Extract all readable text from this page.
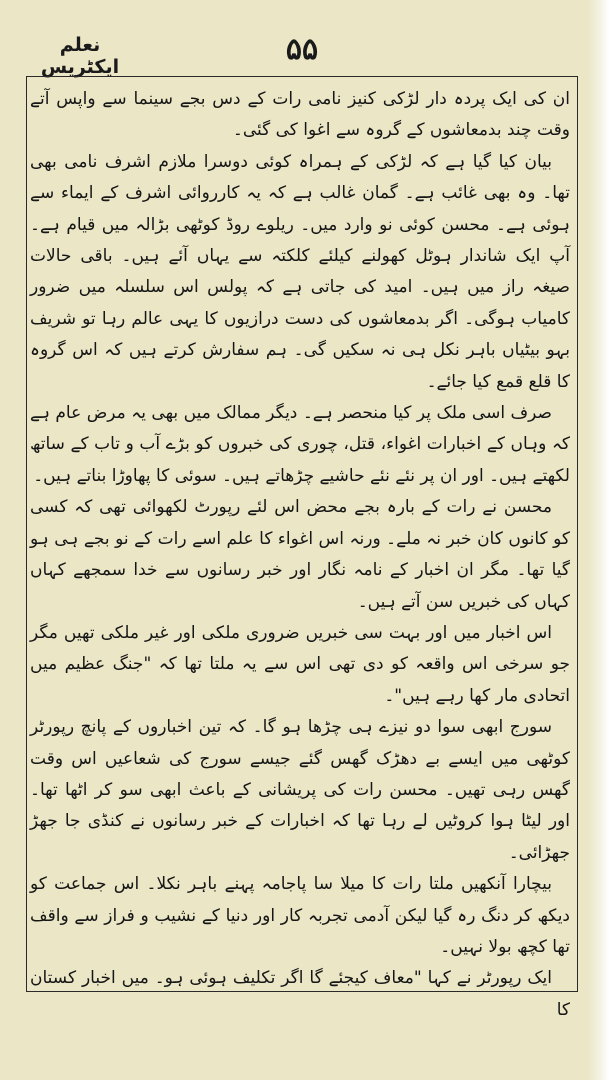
نعلم ایکٹریس	۵۵

ان کی ایک پردہ دار لڑکی کنیز نامی رات کے دس بجے سینما سے واپس آتے وقت چند بدمعاشوں کے گروہ سے اغوا کی گئی۔

بیان کیا گیا ہے کہ لڑکی کے ہمراہ کوئی دوسرا ملازم اشرف نامی بھی تھا۔ وہ بھی غائب ہے۔ گمان غالب ہے کہ یہ کارروائی اشرف کے ایماء سے ہوئی ہے۔ محسن کوئی نو وارد میں۔ ریلوے روڈ کوٹھی بڑالہ میں قیام ہے۔ آپ ایک شاندار ہوٹل کھولنے کیلئے کلکتہ سے یہاں آئے ہیں۔ باقی حالات صیغہ راز میں ہیں۔ امید کی جاتی ہے کہ پولس اس سلسلہ میں ضرور کامیاب ہوگی۔ اگر بدمعاشوں کی دست درازیوں کا یہی عالم رہا تو شریف بہو بیٹیاں باہر نکل ہی نہ سکیں گی۔ ہم سفارش کرتے ہیں کہ اس گروہ کا قلع قمع کیا جائے۔

صرف اسی ملک پر کیا منحصر ہے۔ دیگر ممالک میں بھی یہ مرض عام ہے کہ وہاں کے اخبارات اغواء، قتل، چوری کی خبروں کو بڑے آب و تاب کے ساتھ لکھتے ہیں۔ اور ان پر نئے نئے حاشیے چڑھاتے ہیں۔ سوئی کا پھاوڑا بناتے ہیں۔

محسن نے رات کے بارہ بجے محض اس لئے رپورٹ لکھوائی تھی کہ کسی کو کانوں کان خبر نہ ملے۔ ورنہ اس اغواء کا علم اسے رات کے نو بجے ہی ہو گیا تھا۔ مگر ان اخبار کے نامہ نگار اور خبر رسانوں سے خدا سمجھے کہاں کہاں کی خبریں سن آتے ہیں۔

اس اخبار میں اور بہت سی خبریں ضروری ملکی اور غیر ملکی تھیں مگر جو سرخی اس واقعہ کو دی تھی اس سے یہ ملتا تھا کہ "جنگ عظیم میں اتحادی مار کھا رہے ہیں"۔

سورج ابھی سوا دو نیزے ہی چڑھا ہو گا۔ کہ تین اخباروں کے پانچ رپورٹر کوٹھی میں ایسے بے دھڑک گھس گئے جیسے سورج کی شعاعیں اس وقت گھس رہی تھیں۔ محسن رات کی پریشانی کے باعث ابھی سو کر اٹھا تھا۔ اور لیٹا ہوا کروٹیں لے رہا تھا کہ اخبارات کے خبر رسانوں نے کنڈی جا جھڑ جھڑائی۔

بیچارا آنکھیں ملتا رات کا میلا سا پاجامہ پہنے باہر نکلا۔ اس جماعت کو دیکھ کر دنگ رہ گیا لیکن آدمی تجربہ کار اور دنیا کے نشیب و فراز سے واقف تھا کچھ بولا نہیں۔

ایک رپورٹر نے کہا "معاف کیجئے گا اگر تکلیف ہوئی ہو۔ میں اخبار کستان کا
